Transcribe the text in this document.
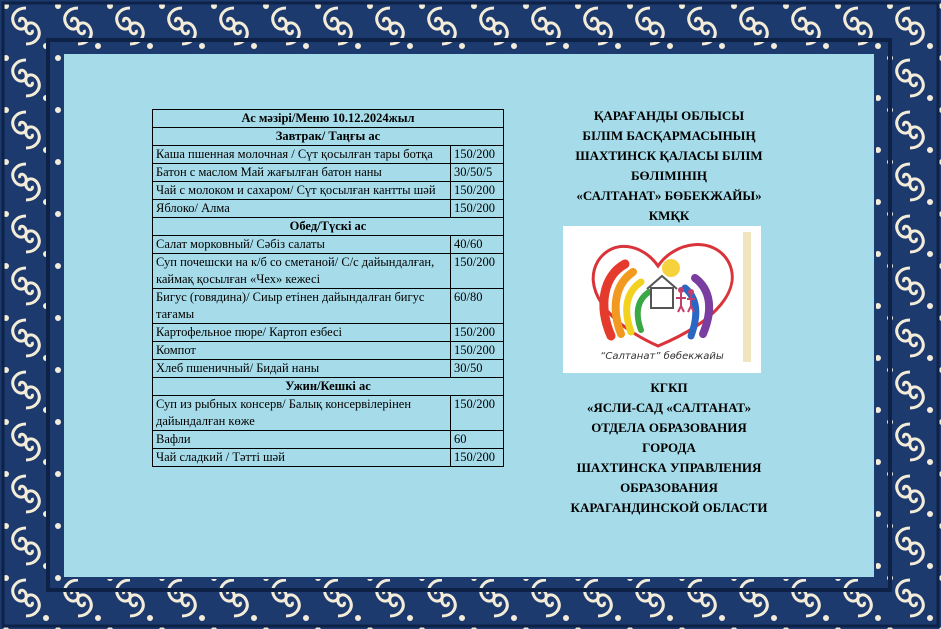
Ас мәзірі/Меню 10.12.2024жыл	
Завтрак/ Таңғы ас	
Каша пшенная молочная / Сүт қосылған тары ботқа	150/200
Батон с маслом Май жағылған батон наны	30/50/5
Чай с молоком и сахаром/ Сүт қосылған кантты шәй	150/200
Яблоко/ Алма	150/200
Обед/Түскі ас	
Салат морковный/ Сәбіз салаты	40/60
Суп почешски на к/б со сметаной/ С/с дайындалған, каймақ қосылған «Чех» кежесі	150/200
Бигус (говядина)/ Сиыр етінен дайындалған бигус тағамы	60/80
Картофельное пюре/ Картоп езбесі	150/200
Компот	150/200
Хлеб пшеничный/ Бидай наны	30/50
Ужин/Кешкі ас	
Суп из рыбных консерв/ Балық консервілерінен дайындалған көже	150/200
Вафли	60
Чай сладкий / Тәтті шәй	150/200
ҚАРАҒАНДЫ ОБЛЫСЫ
БІЛІМ БАСҚАРМАСЫНЫҢ
ШАХТИНСК ҚАЛАСЫ БІЛІМ
БӨЛІМІНІҢ
«САЛТАНАТ» БӨБЕКЖАЙЫ»
КМҚК
“Салтанат” бөбекжайы
КГКП
«ЯСЛИ-САД «САЛТАНАТ»
ОТДЕЛА ОБРАЗОВАНИЯ
ГОРОДА
ШАХТИНСКА УПРАВЛЕНИЯ
ОБРАЗОВАНИЯ
КАРАГАНДИНСКОЙ ОБЛАСТИ
